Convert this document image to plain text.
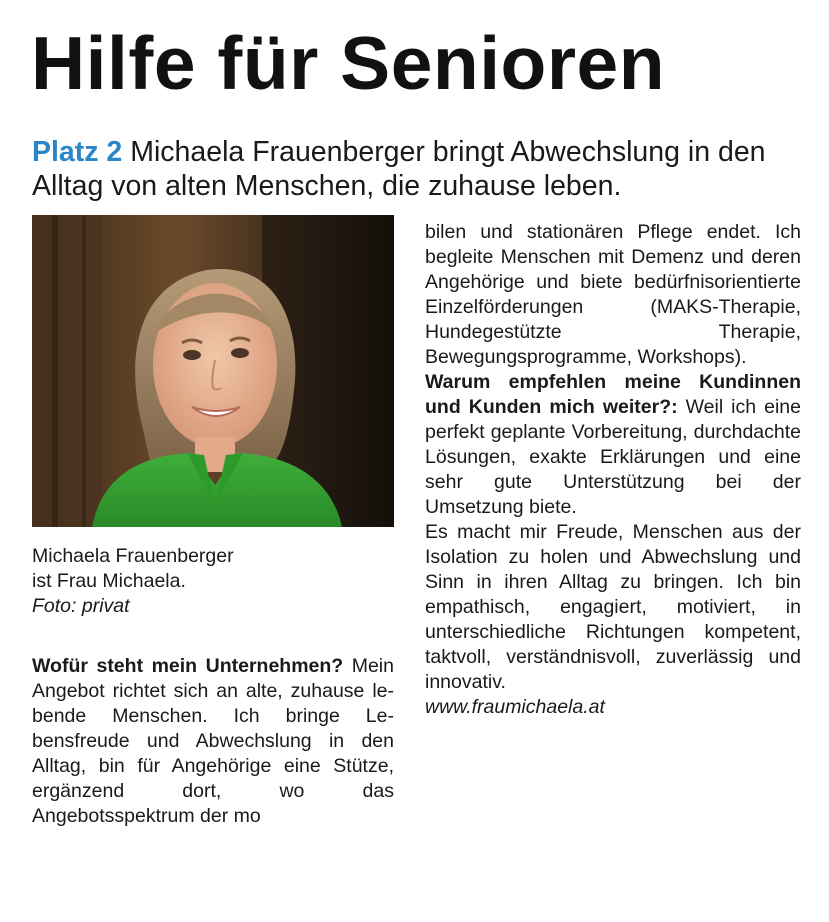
Hilfe für Senioren

Platz 2 Michaela Frauenberger bringt Abwechslung in den Alltag von alten Menschen, die zuhause leben.

Michaela Frauenberger
ist Frau Michaela.
Foto: privat

Wofür steht mein Unternehmen? Mein Angebot richtet sich an alte, zuhause lebende Menschen. Ich bringe Lebensfreude und Abwechslung in den Alltag, bin für Angehörige eine Stütze, ergänzend dort, wo das Angebotsspektrum der mo

bilen und stationären Pflege endet. Ich begleite Menschen mit Demenz und deren Angehörige und biete bedürfnisorientierte Einzelförderungen (MAKS-Therapie, Hundegestützte Therapie, Bewegungsprogramme, Workshops).

Warum empfehlen meine Kundinnen und Kunden mich weiter?: Weil ich eine perfekt geplante Vorbereitung, durchdachte Lösungen, exakte Erklärungen und eine sehr gute Unterstützung bei der Umsetzung biete.

Es macht mir Freude, Menschen aus der Isolation zu holen und Abwechslung und Sinn in ihren Alltag zu bringen. Ich bin empathisch, engagiert, motiviert, in unterschiedliche Richtungen kompetent, taktvoll, verständnisvoll, zuverlässig und innovativ.

www.fraumichaela.at
